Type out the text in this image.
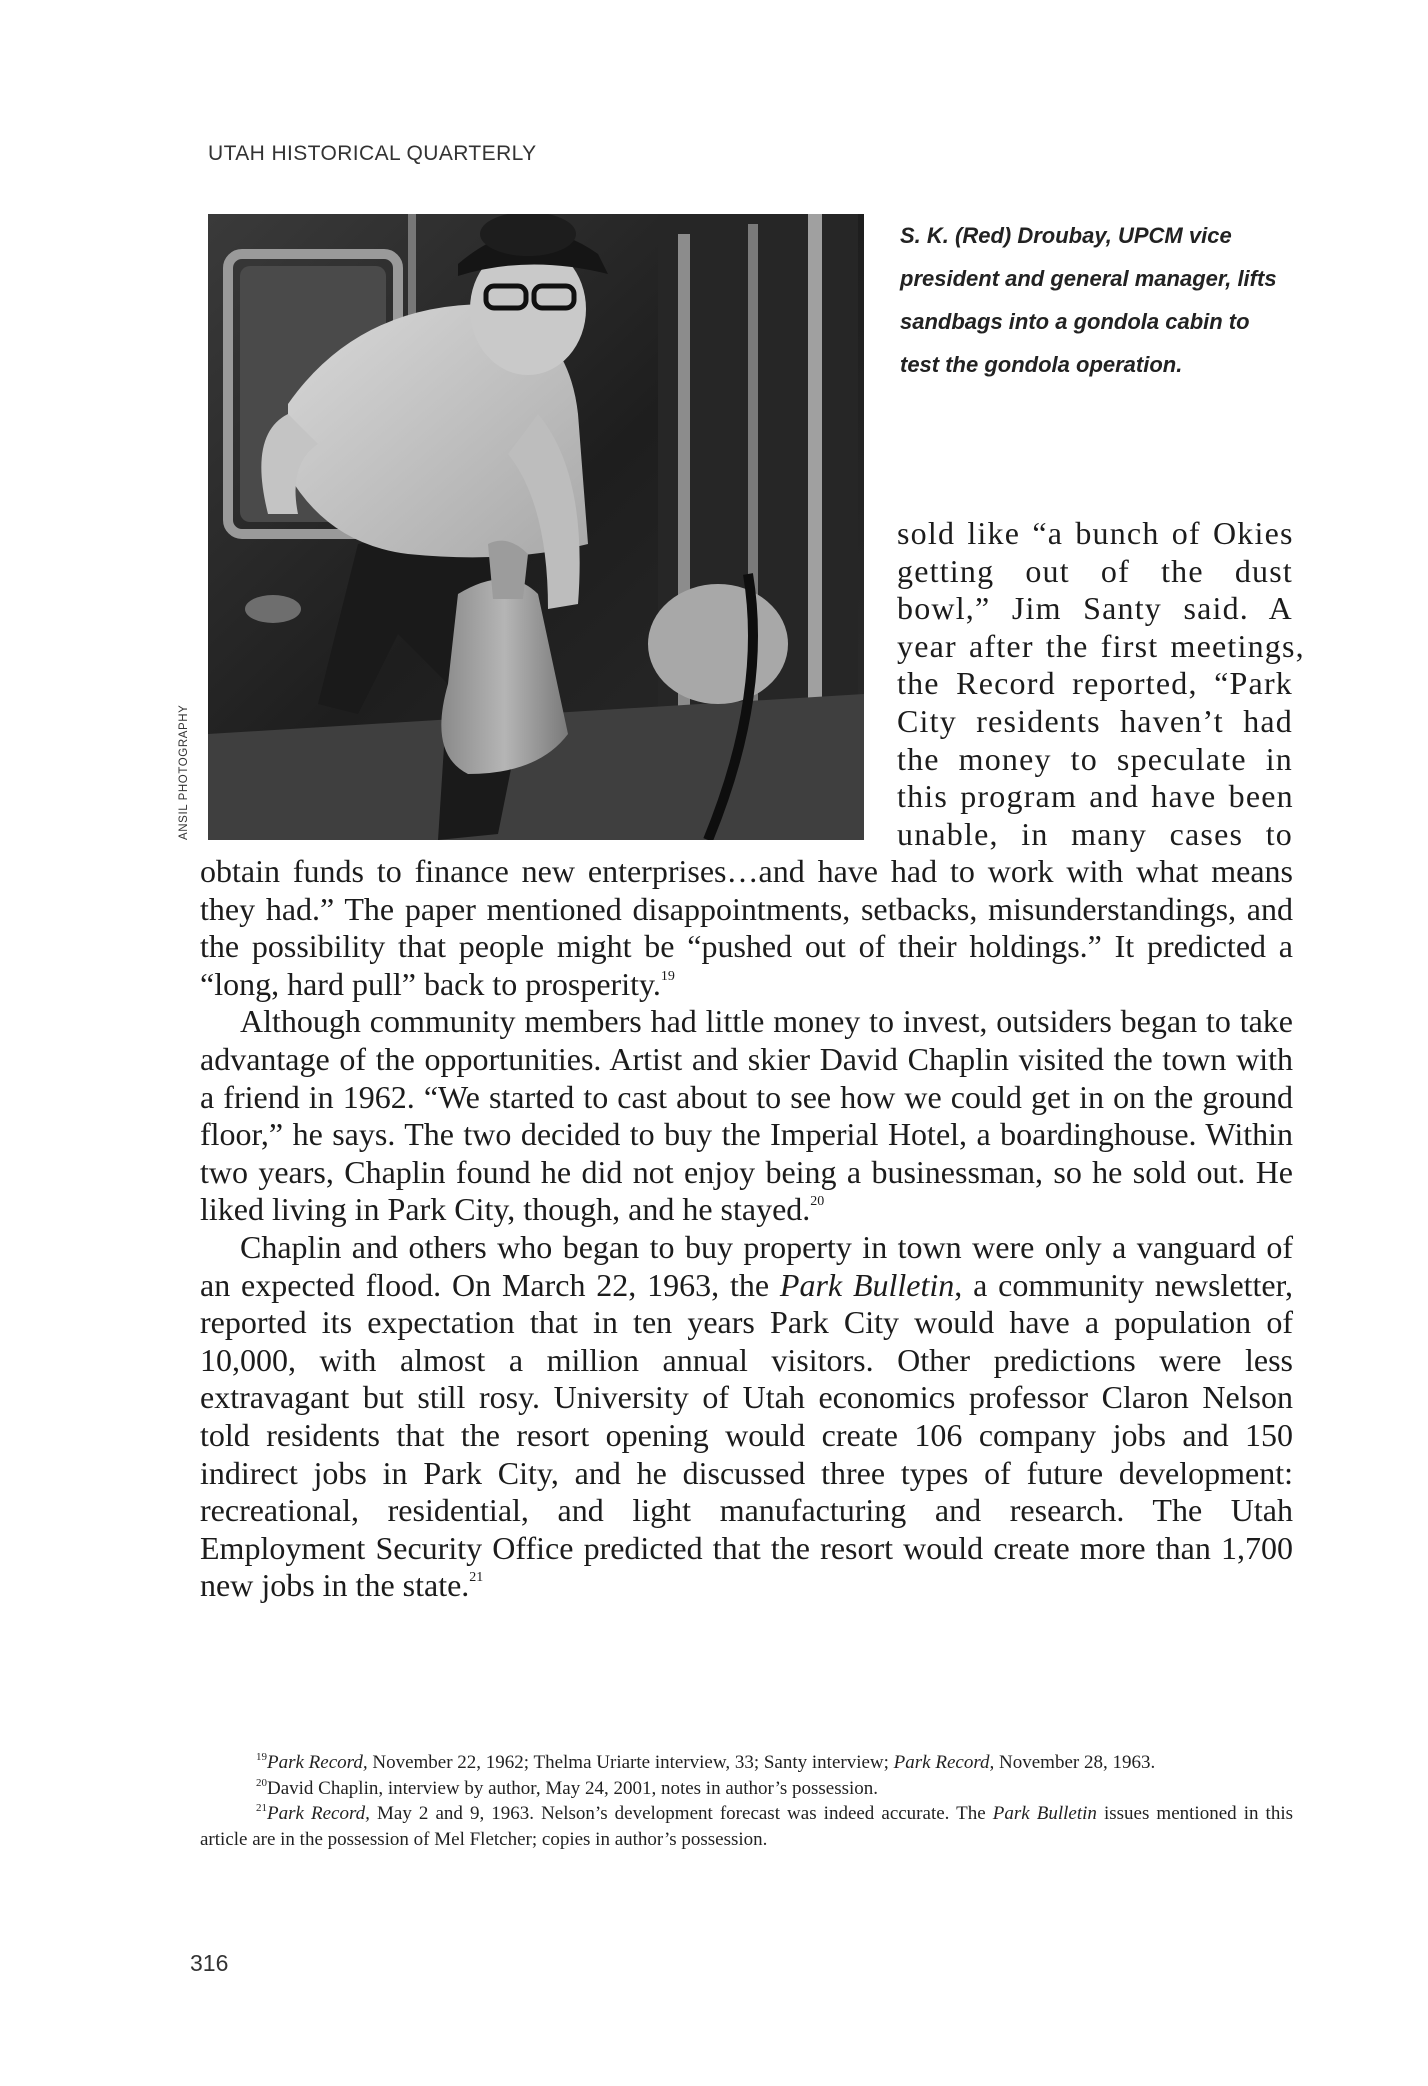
UTAH HISTORICAL QUARTERLY
ANSIL PHOTOGRAPHY

S. K. (Red) Droubay, UPCM vice president and general manager, lifts sandbags into a gondola cabin to test the gondola operation.

sold like “a bunch of Okies
getting out of the dust
bowl,” Jim Santy said. A
year after the first meetings,
the Record reported, “Park
City residents haven’t had
the money to speculate in
this program and have been
unable, in many cases to

obtain funds to finance new enterprises…and have had to work with what means they had.” The paper mentioned disappointments, setbacks, misunderstandings, and the possibility that people might be “pushed out of their holdings.” It predicted a “long, hard pull” back to prosperity.$^{19}$

Although community members had little money to invest, outsiders began to take advantage of the opportunities. Artist and skier David Chaplin visited the town with a friend in 1962. “We started to cast about to see how we could get in on the ground floor,” he says. The two decided to buy the Imperial Hotel, a boardinghouse. Within two years, Chaplin found he did not enjoy being a businessman, so he sold out. He liked living in Park City, though, and he stayed.$^{20}$

Chaplin and others who began to buy property in town were only a vanguard of an expected flood. On March 22, 1963, the Park Bulletin, a community newsletter, reported its expectation that in ten years Park City would have a population of 10,000, with almost a million annual visitors. Other predictions were less extravagant but still rosy. University of Utah economics professor Claron Nelson told residents that the resort opening would create 106 company jobs and 150 indirect jobs in Park City, and he discussed three types of future development: recreational, residential, and light manufacturing and research. The Utah Employment Security Office predicted that the resort would create more than 1,700 new jobs in the state.$^{21}$

$^{19}$Park Record, November 22, 1962; Thelma Uriarte interview, 33; Santy interview; Park Record, November 28, 1963.

$^{20}$David Chaplin, interview by author, May 24, 2001, notes in author’s possession.

$^{21}$Park Record, May 2 and 9, 1963. Nelson’s development forecast was indeed accurate. The Park Bulletin issues mentioned in this article are in the possession of Mel Fletcher; copies in author’s possession.

316
